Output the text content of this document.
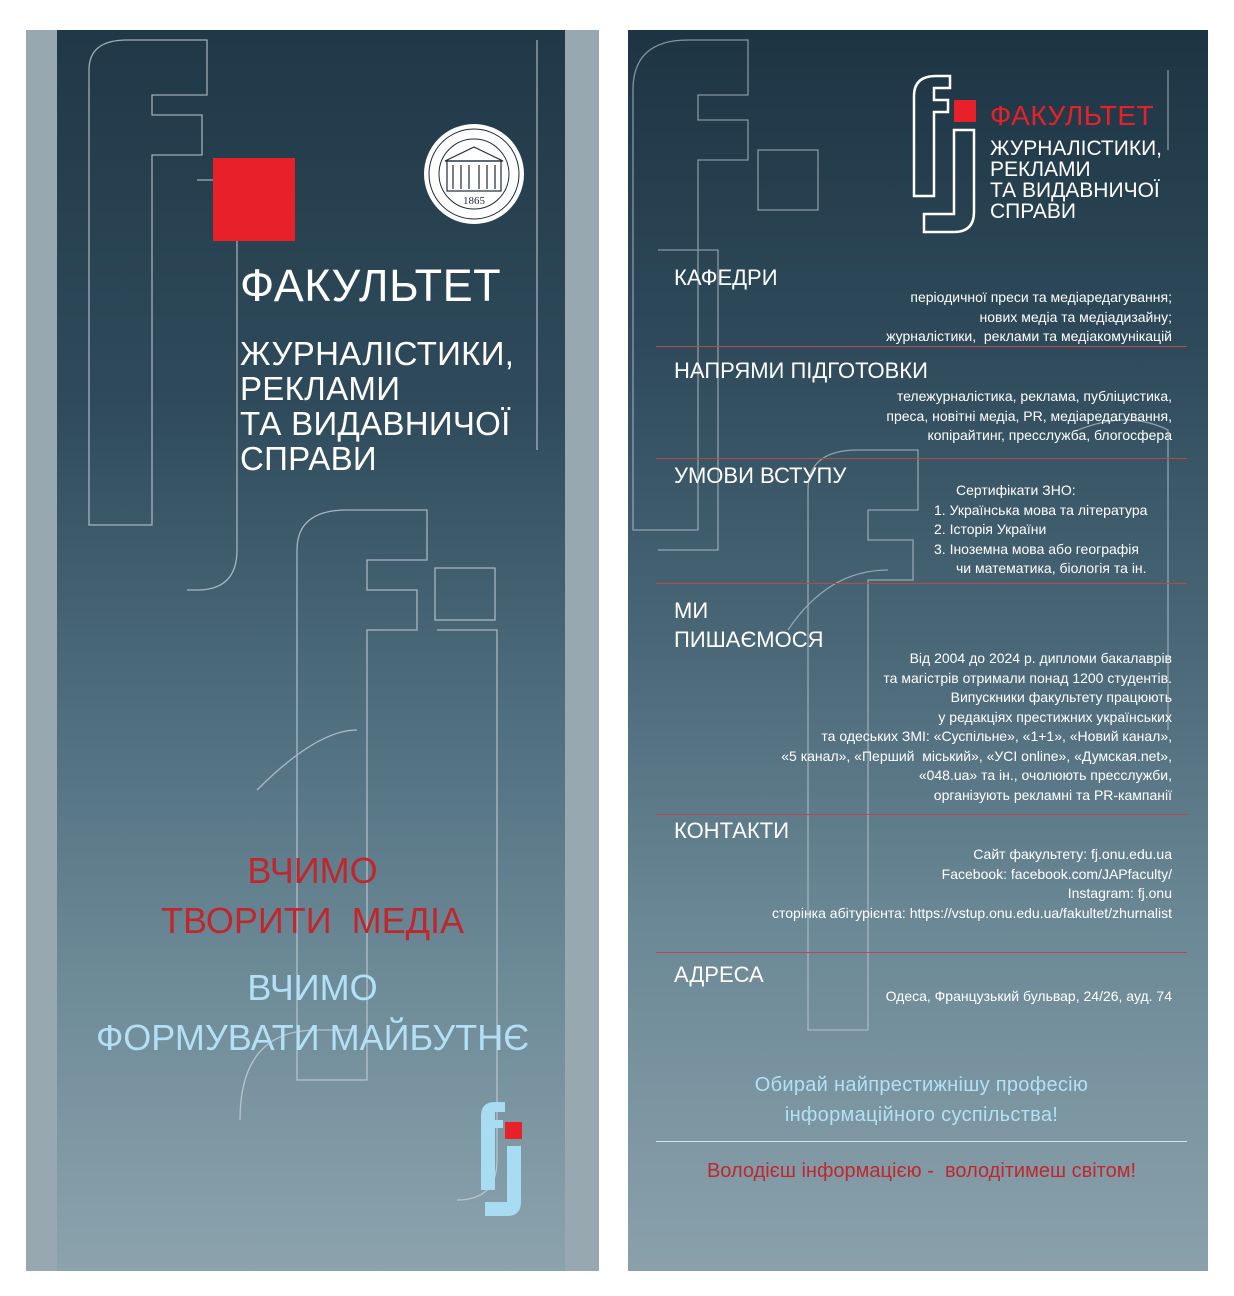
1865
ФАКУЛЬТЕТ
ЖУРНАЛІСТИКИ,
РЕКЛАМИ
ТА ВИДАВНИЧОЇ
СПРАВИ
ВЧИМО
ТВОРИТИ  МЕДІА
ВЧИМО
ФОРМУВАТИ МАЙБУТНЄ
ФАКУЛЬТЕТ
ЖУРНАЛІСТИКИ,
РЕКЛАМИ
ТА ВИДАВНИЧОЇ
СПРАВИ
КАФЕДРИ
періодичної преси та медіаредагування;
нових медіа та медіадизайну;
журналістики,  реклами та медіакомунікацій
НАПРЯМИ ПІДГОТОВКИ
тележурналістика, реклама, публіцистика,
преса, новітні медіа, PR, медіаредагування,
копірайтинг, пресслужба, блогосфера
УМОВИ ВСТУПУ
Сертифікати ЗНО:
1. Українська мова та література
2. Історія України
3. Іноземна мова або географія
чи математика, біологія та ін.
МИ
ПИШАЄМОСЯ
Від 2004 до 2024 р. дипломи бакалаврів
та магістрів отримали понад 1200 студентів.
Випускники факультету працюють
у редакціях престижних українських
та одеських ЗМІ: «Суспільне», «1+1», «Новий канал»,
«5 канал», «Перший  міський», «УСІ online», «Думская.net»,
«048.ua» та ін., очолюють пресслужби,
організують рекламні та PR-кампанії
КОНТАКТИ
Сайт факультету: fj.onu.edu.ua
Facebook: facebook.com/JAPfaculty/
Instagram: fj.onu
сторінка абітурієнта: https://vstup.onu.edu.ua/fakultet/zhurnalist
АДРЕСА
Одеса, Французький бульвар, 24/26, ауд. 74
Обирай найпрестижнішу професію
інформаційного суспільства!
Володієш інформацією -  володітимеш світом!
